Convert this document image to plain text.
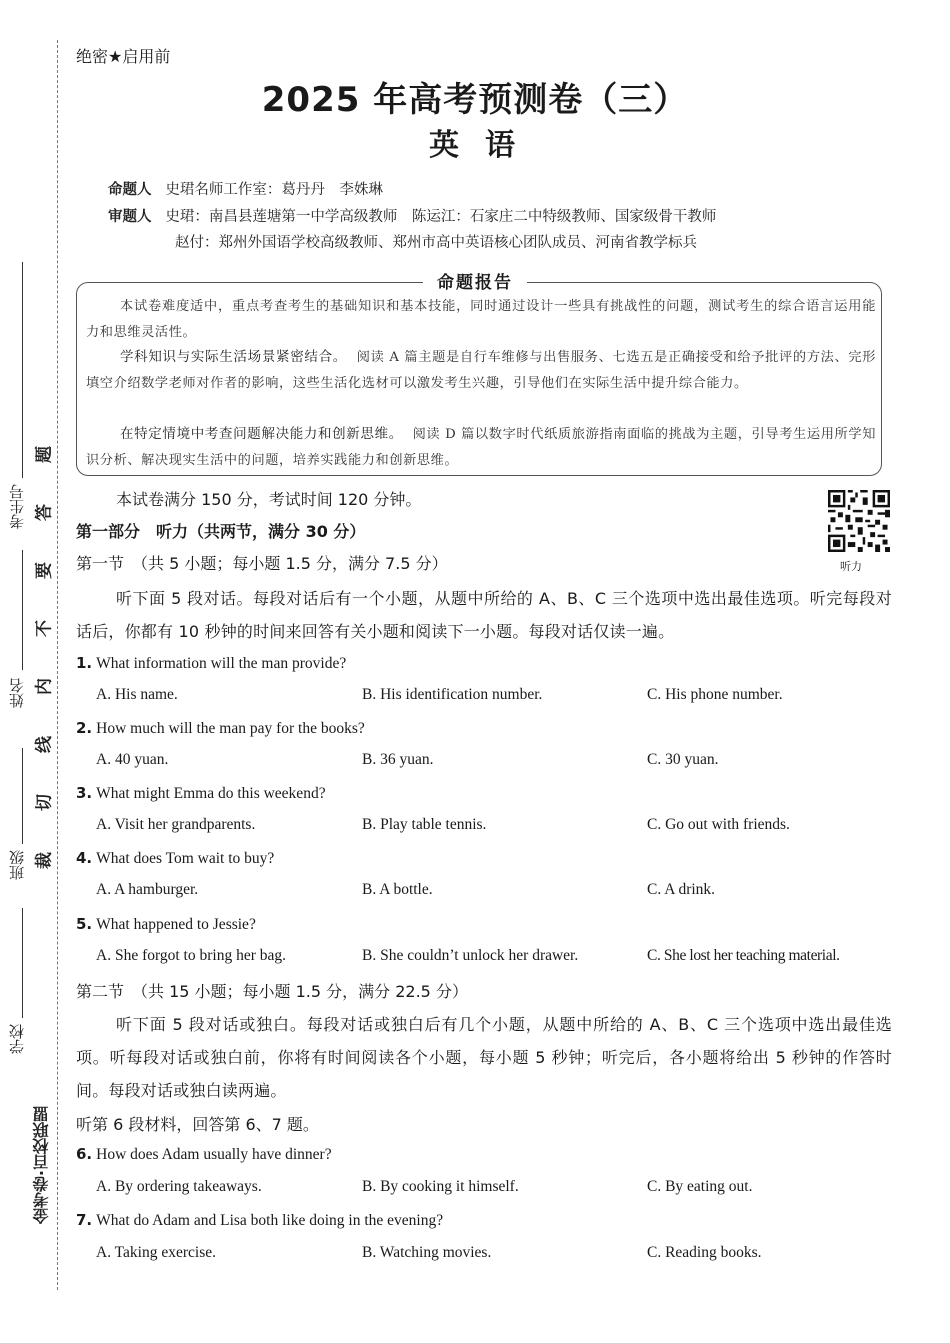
考生号
姓名
班级
学校
题
答
要
不
内
线
切
裁
金考卷·百校联盟
绝密★启用前
2025 年高考预测卷（三）
英语
命题人 史珺名师工作室：葛丹丹　李姝琳
审题人 史珺：南昌县莲塘第一中学高级教师　陈运江：石家庄二中特级教师、国家级骨干教师
赵付：郑州外国语学校高级教师、郑州市高中英语核心团队成员、河南省教学标兵
命题报告
本试卷难度适中，重点考查考生的基础知识和基本技能，同时通过设计一些具有挑战性的问题，测试考生的综合语言运用能力和思维灵活性。
学科知识与实际生活场景紧密结合。 阅读 A 篇主题是自行车维修与出售服务、七选五是正确接受和给予批评的方法、完形填空介绍数学老师对作者的影响，这些生活化选材可以激发考生兴趣，引导他们在实际生活中提升综合能力。
在特定情境中考查问题解决能力和创新思维。 阅读 D 篇以数字时代纸质旅游指南面临的挑战为主题，引导考生运用所学知识分析、解决现实生活中的问题，培养实践能力和创新思维。
本试卷满分 150 分，考试时间 120 分钟。
听力
第一部分　听力（共两节，满分 30 分）
第一节　（共 5 小题；每小题 1.5 分，满分 7.5 分）
听下面 5 段对话。每段对话后有一个小题，从题中所给的 A、B、C 三个选项中选出最佳选项。听完每段对话后，你都有 10 秒钟的时间来回答有关小题和阅读下一小题。每段对话仅读一遍。
1. What information will the man provide?
A. His name.	B. His identification number.	C. His phone number.
2. How much will the man pay for the books?
A. 40 yuan.	B. 36 yuan.	C. 30 yuan.
3. What might Emma do this weekend?
A. Visit her grandparents.	B. Play table tennis.	C. Go out with friends.
4. What does Tom wait to buy?
A. A hamburger.	B. A bottle.	C. A drink.
5. What happened to Jessie?
A. She forgot to bring her bag.	B. She couldn’t unlock her drawer.	C. She lost her teaching material.
第二节　（共 15 小题；每小题 1.5 分，满分 22.5 分）
听下面 5 段对话或独白。每段对话或独白后有几个小题，从题中所给的 A、B、C 三个选项中选出最佳选项。听每段对话或独白前，你将有时间阅读各个小题，每小题 5 秒钟；听完后，各小题将给出 5 秒钟的作答时间。每段对话或独白读两遍。
听第 6 段材料，回答第 6、7 题。
6. How does Adam usually have dinner?
A. By ordering takeaways.	B. By cooking it himself.	C. By eating out.
7. What do Adam and Lisa both like doing in the evening?
A. Taking exercise.	B. Watching movies.	C. Reading books.
